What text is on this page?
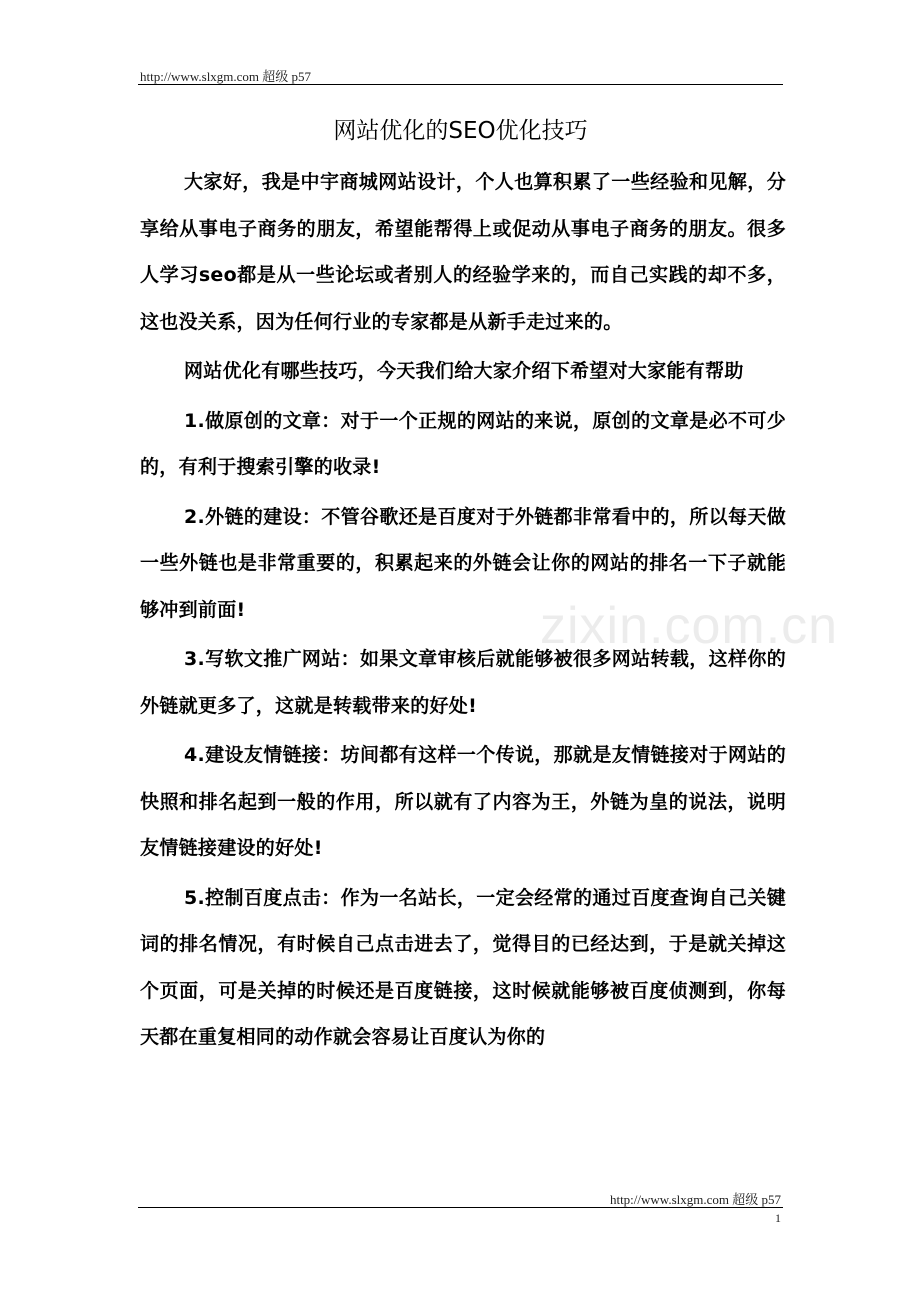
http://www.slxgm.com 超级 p57
网站优化的SEO优化技巧

大家好，我是中宇商城网站设计，个人也算积累了一些经验和见解，分享给从事电子商务的朋友，希望能帮得上或促动从事电子商务的朋友。很多人学习seo都是从一些论坛或者别人的经验学来的，而自己实践的却不多，这也没关系，因为任何行业的专家都是从新手走过来的。

网站优化有哪些技巧，今天我们给大家介绍下希望对大家能有帮助

1.做原创的文章：对于一个正规的网站的来说，原创的文章是必不可少的，有利于搜索引擎的收录!

2.外链的建设：不管谷歌还是百度对于外链都非常看中的，所以每天做一些外链也是非常重要的，积累起来的外链会让你的网站的排名一下子就能够冲到前面!

3.写软文推广网站：如果文章审核后就能够被很多网站转载，这样你的外链就更多了，这就是转载带来的好处!

4.建设友情链接：坊间都有这样一个传说，那就是友情链接对于网站的快照和排名起到一般的作用，所以就有了内容为王，外链为皇的说法，说明友情链接建设的好处!

5.控制百度点击：作为一名站长，一定会经常的通过百度查询自己关键词的排名情况，有时候自己点击进去了，觉得目的已经达到，于是就关掉这个页面，可是关掉的时候还是百度链接，这时候就能够被百度侦测到，你每天都在重复相同的动作就会容易让百度认为你的

zixin.com.cn
http://www.slxgm.com 超级 p57
1
